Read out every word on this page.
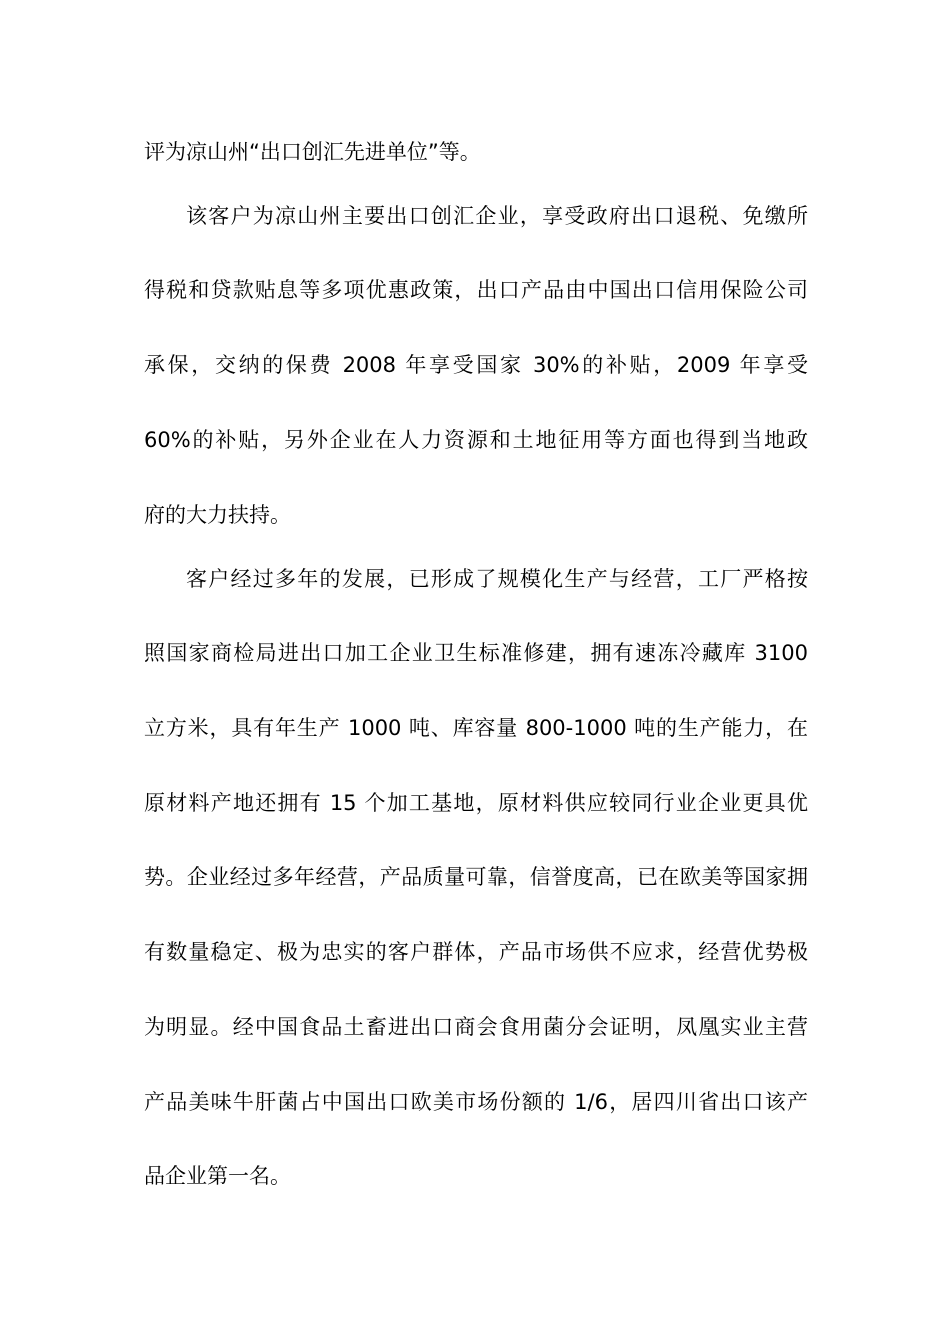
评为凉山州“出口创汇先进单位”等。
该客户为凉山州主要出口创汇企业，享受政府出口退税、免缴所
得税和贷款贴息等多项优惠政策，出口产品由中国出口信用保险公司
承保，交纳的保费 2008 年享受国家 30%的补贴，2009 年享受
60%的补贴，另外企业在人力资源和土地征用等方面也得到当地政
府的大力扶持。
客户经过多年的发展，已形成了规模化生产与经营，工厂严格按
照国家商检局进出口加工企业卫生标准修建，拥有速冻冷藏库 3100
立方米，具有年生产 1000 吨、库容量 800-1000 吨的生产能力，在
原材料产地还拥有 15 个加工基地，原材料供应较同行业企业更具优
势。企业经过多年经营，产品质量可靠，信誉度高，已在欧美等国家拥
有数量稳定、极为忠实的客户群体，产品市场供不应求，经营优势极
为明显。经中国食品土畜进出口商会食用菌分会证明，凤凰实业主营
产品美味牛肝菌占中国出口欧美市场份额的 1/6，居四川省出口该产
品企业第一名。
